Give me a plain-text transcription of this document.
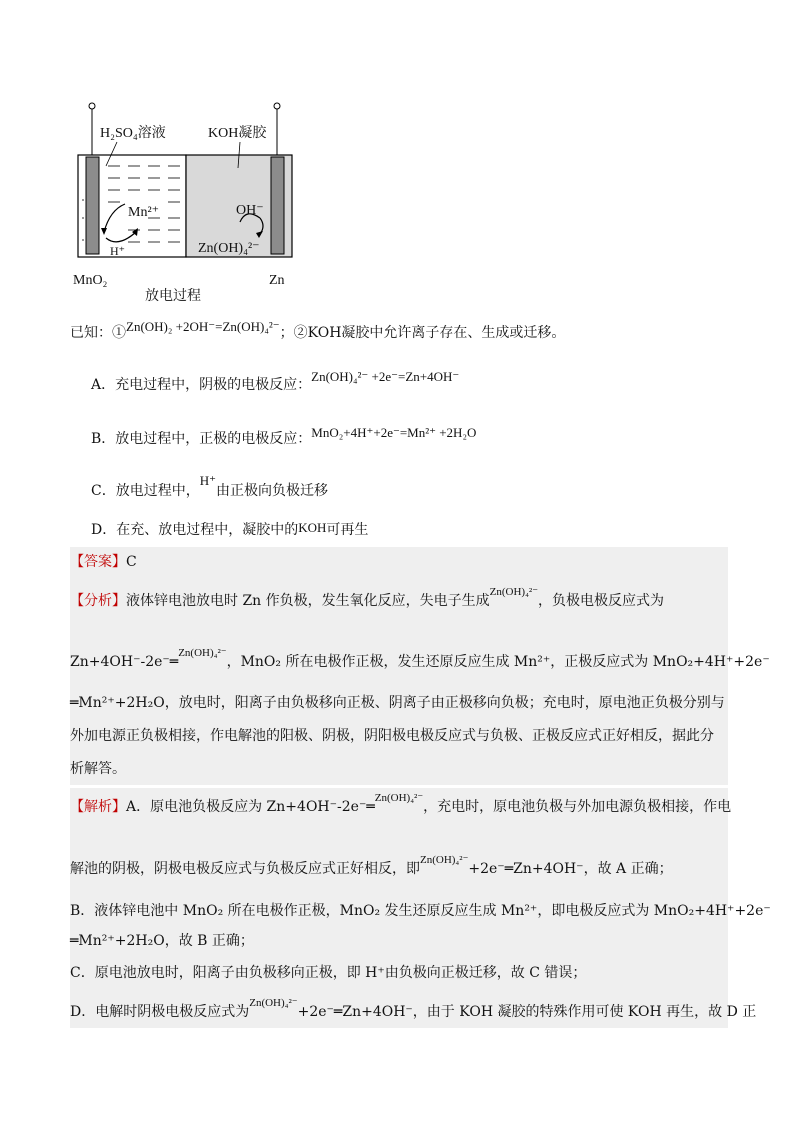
H₂SO₄溶液	KOH凝胶
Mn²⁺
H⁺
OH⁻
Zn(OH)₄²⁻
MnO₂	Zn
放电过程
已知：①Zn(OH)₂ +2OH⁻=Zn(OH)₄²⁻；②KOH凝胶中允许离子存在、生成或迁移。
A．充电过程中，阴极的电极反应：Zn(OH)₄²⁻ +2e⁻=Zn+4OH⁻
B．放电过程中，正极的电极反应：MnO₂+4H⁺+2e⁻=Mn²⁺ +2H₂O
C．放电过程中，H⁺由正极向负极迁移
D．在充、放电过程中，凝胶中的KOH可再生
【答案】C
【分析】液体锌电池放电时 Zn 作负极，发生氧化反应，失电子生成$^{Zn(OH)_4^{2-}}$，负极电极反应式为
Zn+4OH⁻-2e⁻═$^{Zn(OH)_4^{2-}}$，MnO₂ 所在电极作正极，发生还原反应生成 Mn²⁺，正极反应式为 MnO₂+4H⁺+2e⁻
═Mn²⁺+2H₂O，放电时，阳离子由负极移向正极、阴离子由正极移向负极；充电时，原电池正负极分别与
外加电源正负极相接，作电解池的阳极、阴极，阴阳极电极反应式与负极、正极反应式正好相反，据此分
析解答。
【解析】A．原电池负极反应为 Zn+4OH⁻-2e⁻═$^{Zn(OH)_4^{2-}}$，充电时，原电池负极与外加电源负极相接，作电
解池的阴极，阴极电极反应式与负极反应式正好相反，即$^{Zn(OH)_4^{2-}}$+2e⁻═Zn+4OH⁻，故 A 正确；
B．液体锌电池中 MnO₂ 所在电极作正极，MnO₂ 发生还原反应生成 Mn²⁺，即电极反应式为 MnO₂+4H⁺+2e⁻
═Mn²⁺+2H₂O，故 B 正确；
C．原电池放电时，阳离子由负极移向正极，即 H⁺由负极向正极迁移，故 C 错误；
D．电解时阴极电极反应式为$^{Zn(OH)_4^{2-}}$+2e⁻═Zn+4OH⁻，由于 KOH 凝胶的特殊作用可使 KOH 再生，故 D 正
